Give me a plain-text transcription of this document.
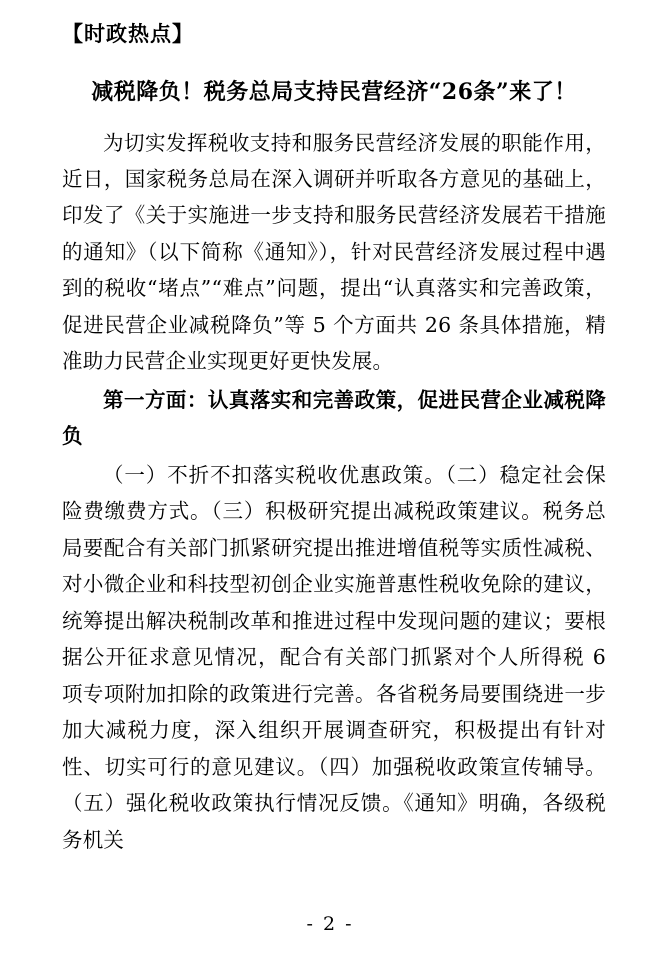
【时政热点】
减税降负！税务总局支持民营经济“26条”来了！

为切实发挥税收支持和服务民营经济发展的职能作用，近日，国家税务总局在深入调研并听取各方意见的基础上，印发了《关于实施进一步支持和服务民营经济发展若干措施的通知》（以下简称《通知》），针对民营经济发展过程中遇到的税收“堵点”“难点”问题，提出“认真落实和完善政策，促进民营企业减税降负”等 5 个方面共 26 条具体措施，精准助力民营企业实现更好更快发展。

第一方面：认真落实和完善政策，促进民营企业减税降负

（一）不折不扣落实税收优惠政策。（二）稳定社会保险费缴费方式。（三）积极研究提出减税政策建议。税务总局要配合有关部门抓紧研究提出推进增值税等实质性减税、对小微企业和科技型初创企业实施普惠性税收免除的建议，统筹提出解决税制改革和推进过程中发现问题的建议；要根据公开征求意见情况，配合有关部门抓紧对个人所得税 6 项专项附加扣除的政策进行完善。各省税务局要围绕进一步加大减税力度，深入组织开展调查研究，积极提出有针对性、切实可行的意见建议。（四）加强税收政策宣传辅导。（五）强化税收政策执行情况反馈。《通知》明确，各级税务机关

- 2 -
